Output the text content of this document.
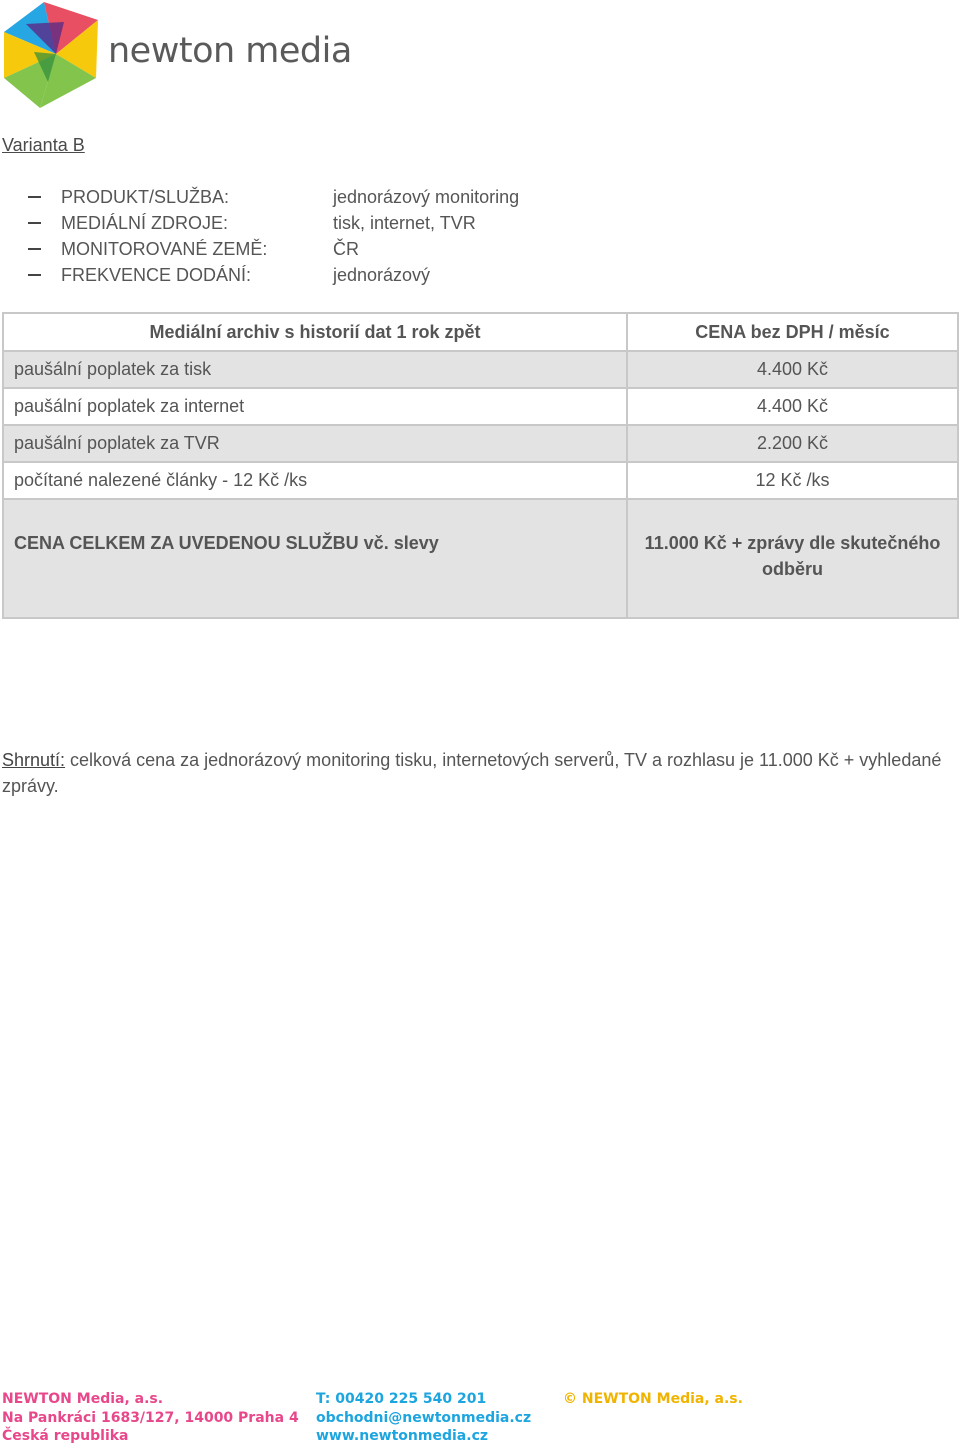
newton media
Varianta B
PRODUKT/SLUŽBA:	jednorázový monitoring
MEDIÁLNÍ ZDROJE:	tisk, internet, TVR
MONITOROVANÉ ZEMĚ:	ČR
FREKVENCE DODÁNÍ:	jednorázový
Mediální archiv s historií dat 1 rok zpět	CENA bez DPH / měsíc
paušální poplatek za tisk	4.400 Kč
paušální poplatek za internet	4.400 Kč
paušální poplatek za TVR	2.200 Kč
počítané nalezené články - 12 Kč /ks	12 Kč /ks
CENA CELKEM ZA UVEDENOU SLUŽBU vč. slevy	11.000 Kč + zprávy dle skutečného odběru
Shrnutí: celková cena za jednorázový monitoring tisku, internetových serverů, TV a rozhlasu je 11.000 Kč + vyhledané zprávy.
NEWTON Media, a.s.
Na Pankráci 1683/127, 14000 Praha 4
Česká republika
T: 00420 225 540 201
obchodni@newtonmedia.cz
www.newtonmedia.cz
© NEWTON Media, a.s.
